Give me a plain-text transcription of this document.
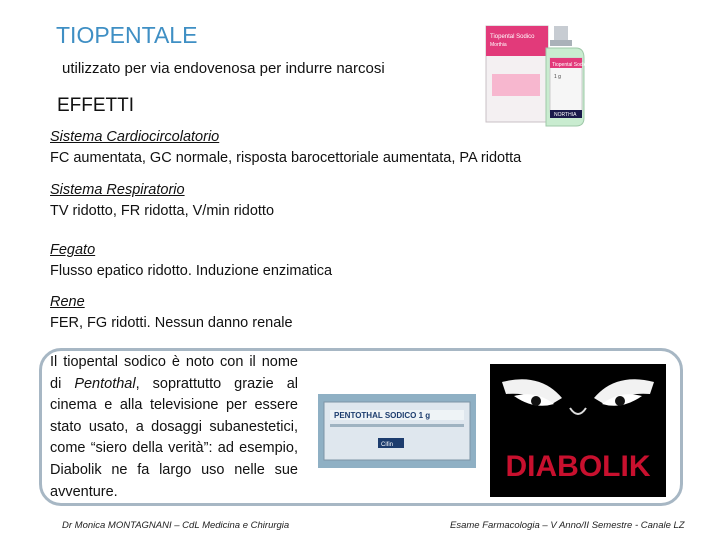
TIOPENTALE
utilizzato per via endovenosa per indurre narcosi
EFFETTI
Sistema Cardiocircolatorio
FC aumentata, GC normale, risposta barocettoriale aumentata, PA ridotta
Sistema Respiratorio
TV ridotto, FR ridotta, V/min ridotto
Fegato
Flusso epatico ridotto. Induzione enzimatica
Rene
FER, FG ridotti. Nessun danno renale
Tiopental Sodico
Morthia
Tiopental Sodico
1 g
NORTHIA
Il tiopental sodico è noto con il nome di Pentothal, soprattutto grazie al cinema e alla televisione per essere stato usato, a dosaggi subanestetici, come “siero della verità”: ad esempio, Diabolik ne fa largo uso nelle sue avventure.
PENTOTHAL SODICO 1 g
Cifin
DIABOLIK
Dr Monica MONTAGNANI – CdL Medicina e Chirurgia	Esame Farmacologia – V Anno/II Semestre - Canale LZ
